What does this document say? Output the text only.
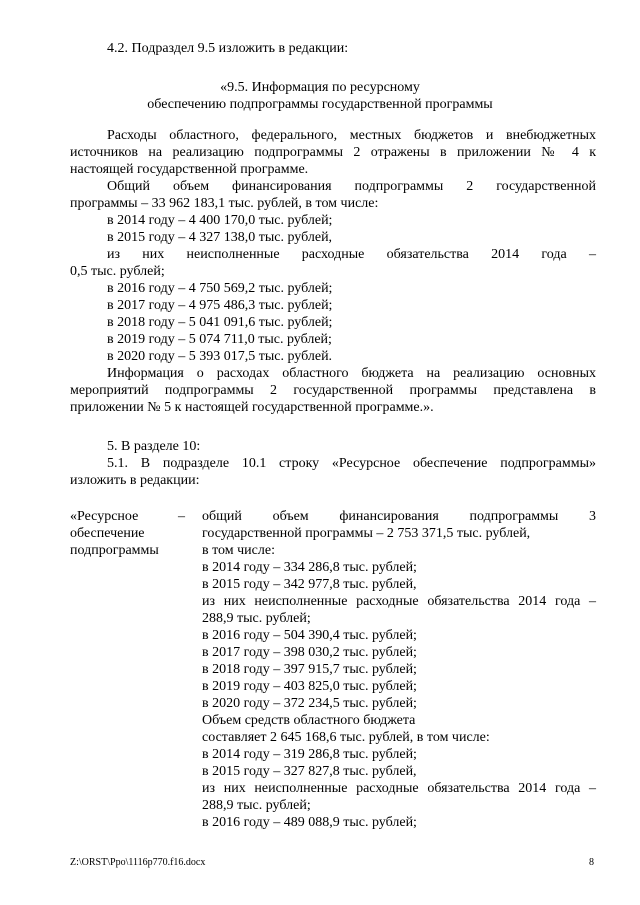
4.2. Подраздел 9.5 изложить в редакции:
«9.5. Информация по ресурсному
обеспечению подпрограммы государственной программы
Расходы областного, федерального, местных бюджетов и внебюджетных
источников на реализацию подпрограммы 2 отражены в приложении № 4 к
настоящей государственной программе.
Общий объем финансирования подпрограммы 2 государственной
программы – 33 962 183,1 тыс. рублей, в том числе:
в 2014 году – 4 400 170,0 тыс. рублей;
в 2015 году – 4 327 138,0 тыс. рублей,
из них неисполненные расходные обязательства 2014 года –
0,5 тыс. рублей;
в 2016 году – 4 750 569,2 тыс. рублей;
в 2017 году – 4 975 486,3 тыс. рублей;
в 2018 году – 5 041 091,6 тыс. рублей;
в 2019 году – 5 074 711,0 тыс. рублей;
в 2020 году – 5 393 017,5 тыс. рублей.
Информация о расходах областного бюджета на реализацию основных
мероприятий подпрограммы 2 государственной программы представлена в
приложении № 5 к настоящей государственной программе.».
5. В разделе 10:
5.1. В подразделе 10.1 строку «Ресурсное обеспечение подпрограммы»
изложить в редакции:
«Ресурсное
обеспечение
подпрограммы
– общий объем финансирования подпрограммы 3
государственной программы – 2 753 371,5 тыс. рублей,
в том числе:
в 2014 году – 334 286,8 тыс. рублей;
в 2015 году – 342 977,8 тыс. рублей,
из них неисполненные расходные обязательства 2014 года –
288,9 тыс. рублей;
в 2016 году – 504 390,4 тыс. рублей;
в 2017 году – 398 030,2 тыс. рублей;
в 2018 году – 397 915,7 тыс. рублей;
в 2019 году – 403 825,0 тыс. рублей;
в 2020 году – 372 234,5 тыс. рублей;
Объем средств областного бюджета
составляет 2 645 168,6 тыс. рублей, в том числе:
в 2014 году – 319 286,8 тыс. рублей;
в 2015 году – 327 827,8 тыс. рублей,
из них неисполненные расходные обязательства 2014 года –
288,9 тыс. рублей;
в 2016 году – 489 088,9 тыс. рублей;
Z:\ORST\Ppo\1116p770.f16.docx	8
